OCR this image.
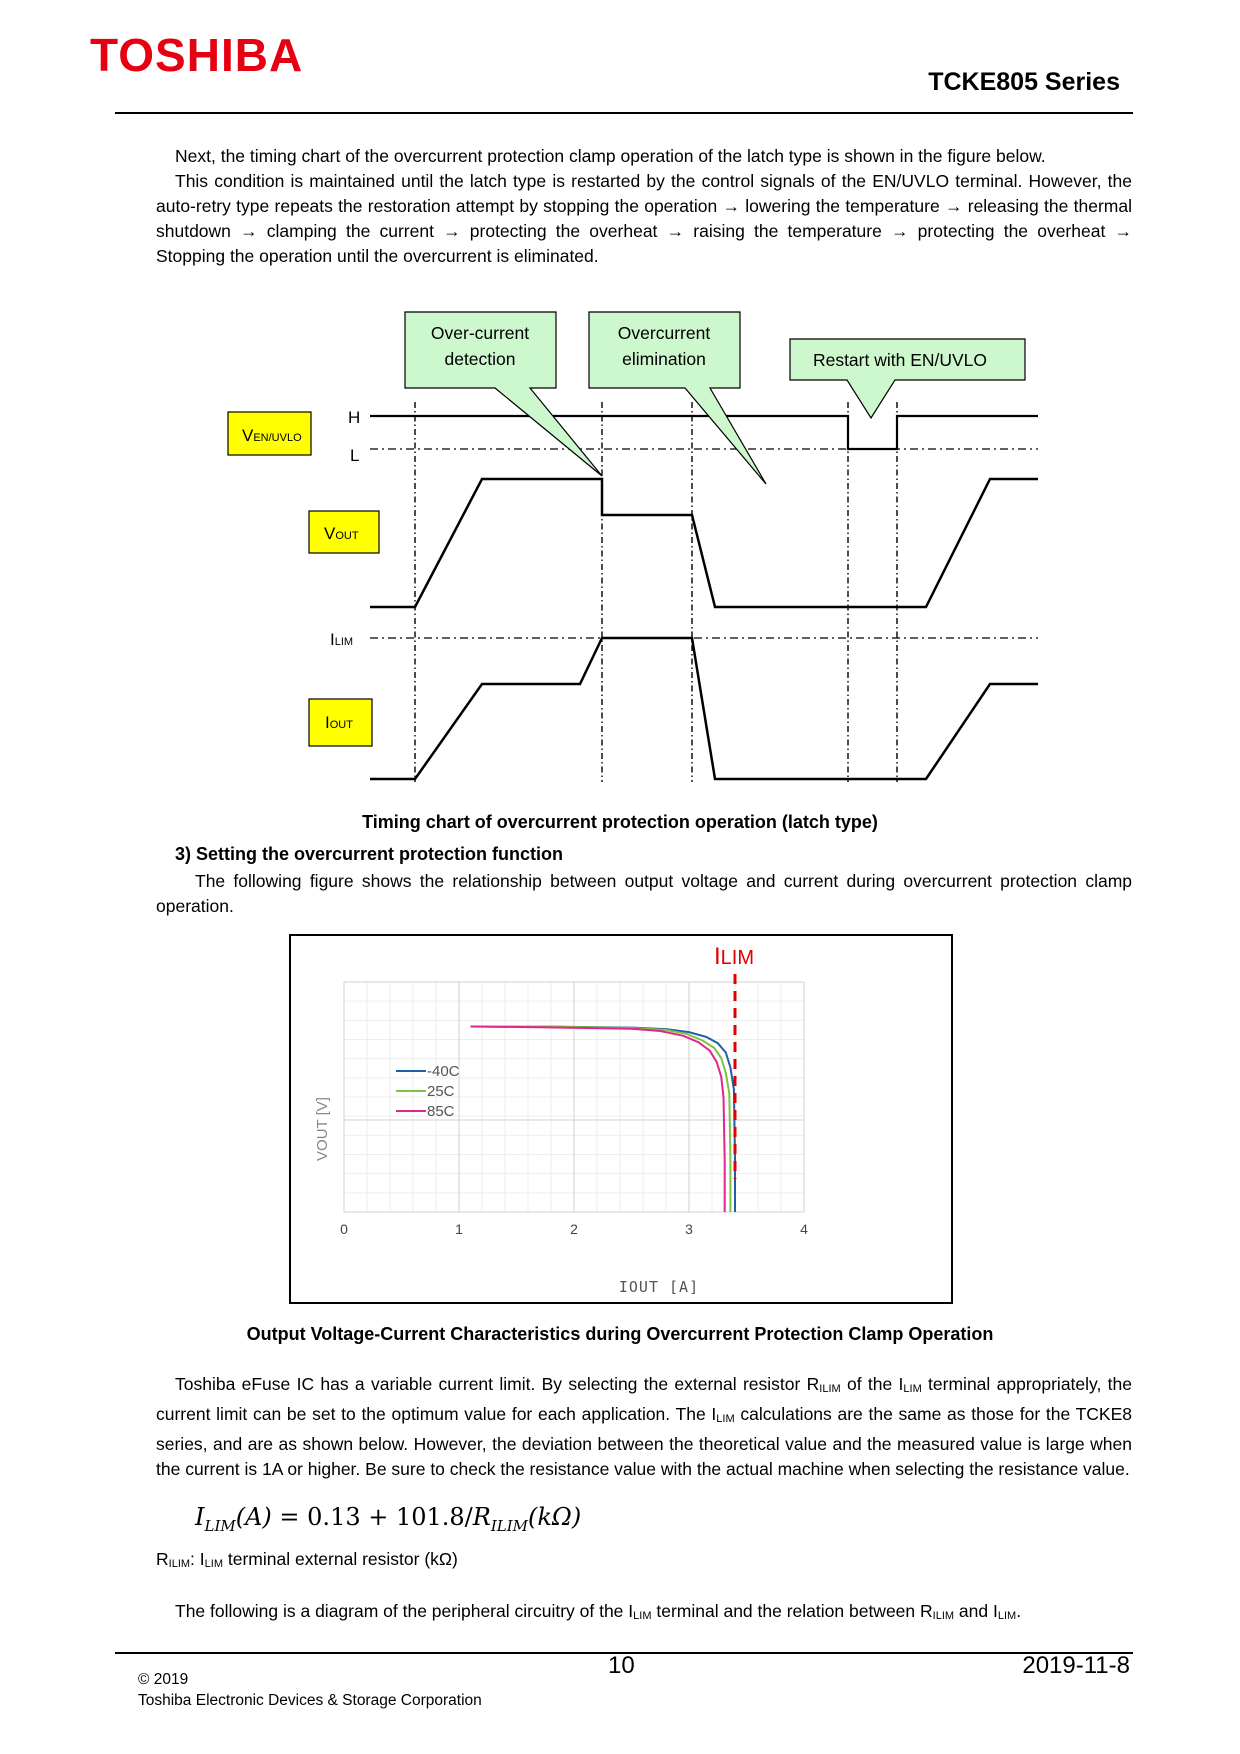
TOSHIBA
TCKE805 Series

Next, the timing chart of the overcurrent protection clamp operation of the latch type is shown in the figure below.

This condition is maintained until the latch type is restarted by the control signals of the EN/UVLO terminal. However, the auto-retry type repeats the restoration attempt by stopping the operation → lowering the temperature → releasing the thermal shutdown → clamping the current → protecting the overheat → raising the temperature → protecting the overheat → Stopping the operation until the overcurrent is eliminated.

Over-current
detection
Overcurrent
elimination	Restart with EN/UVLO
VEN/UVLO
VOUT
IOUT
ILIM
H
L
Timing chart of overcurrent protection operation (latch type)
3) Setting the overcurrent protection function

The following figure shows the relationship between output voltage and current during overcurrent protection clamp operation.

ILIM
0	1	2	3	4
IOUT [A]
VOUT [V]
-40C
25C
85C
Output Voltage-Current Characteristics during Overcurrent Protection Clamp Operation

Toshiba eFuse IC has a variable current limit. By selecting the external resistor $R_{ILIM}$ of the $I_{LIM}$ terminal appropriately, the current limit can be set to the optimum value for each application. The $I_{LIM}$ calculations are the same as those for the TCKE8 series, and are as shown below. However, the deviation between the theoretical value and the measured value is large when the current is 1A or higher. Be sure to check the resistance value with the actual machine when selecting the resistance value.

$I_{LIM}(A) = 0.13 + 101.8/R_{ILIM}(k\Omega)$
$R_{ILIM}$: $I_{LIM}$ terminal external resistor (kΩ)

The following is a diagram of the peripheral circuitry of the $I_{LIM}$ terminal and the relation between $R_{ILIM}$ and $I_{LIM}$.

© 2019
Toshiba Electronic Devices & Storage Corporation
10	2019-11-8
